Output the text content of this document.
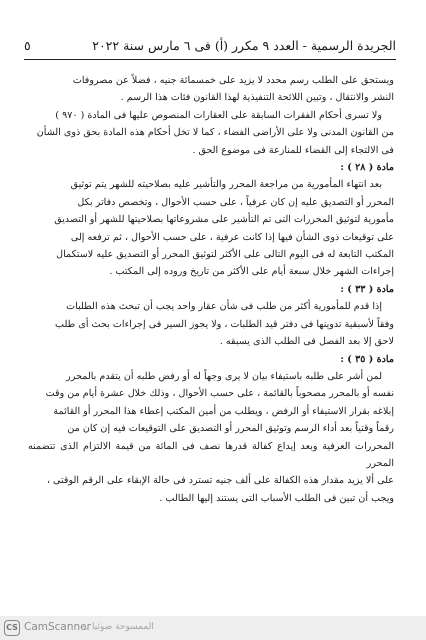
الجريدة الرسمية - العدد ٩ مكرر (أ) فى ٦ مارس سنة ٢٠٢٢
٥

ويستحق على الطلب رسم محدد لا يزيد على خمسمائة جنيه ، فضلاً عن مصروفات

النشر والانتقال ، وتبين اللائحة التنفيذية لهذا القانون فئات هذا الرسم .

ولا تسرى أحكام الفقرات السابقة على العقارات المنصوص عليها فى المادة ( ٩٧٠ )

من القانون المدنى ولا على الأراضى الفضاء ، كما لا تخل أحكام هذه المادة بحق ذوى الشأن

فى الالتجاء إلى القضاء للمنازعة فى موضوع الحق .

مادة ( ٢٨ ) :

بعد انتهاء المأمورية من مراجعة المحرر والتأشير عليه بصلاحيته للشهر يتم توثيق

المحرر أو التصديق عليه إن كان عرفياً ، على حسب الأحوال ، وتخصص دفاتر بكل

مأمورية لتوثيق المحررات التى تم التأشير على مشروعاتها بصلاحيتها للشهر أو التصديق

على توقيعات ذوى الشأن فيها إذا كانت عرفية ، على حسب الأحوال ، ثم ترفعه إلى

المكتب التابعة له فى اليوم التالى على الأكثر لتوثيق المحرر أو التصديق عليه لاستكمال

إجراءات الشهر خلال سبعة أيام على الأكثر من تاريخ وروده إلى المكتب .

مادة ( ٣٣ ) :

إذا قدم للمأمورية أكثر من طلب فى شأن عقار واحد يجب أن تبحث هذه الطلبات

وفقاً لأسبقية تدوينها فى دفتر قيد الطلبات ، ولا يجوز السير فى إجراءات بحث أى طلب

لاحق إلا بعد الفصل فى الطلب الذى يسبقه .

مادة ( ٣٥ ) :

لمن أشر على طلبه باستيفاء بيان لا يرى وجهاً له أو رفض طلبه أن يتقدم بالمحرر

نفسه أو بالمحرر مصحوباً بالقائمة ، على حسب الأحوال ، وذلك خلال عشرة أيام من وقت

إبلاغه بقرار الاستيفاء أو الرفض ، ويطلب من أمين المكتب إعطاء هذا المحرر أو القائمة

رقماً وقتياً بعد أداء الرسم وتوثيق المحرر أو التصديق على التوقيعات فيه إن كان من

المحررات العرفية وبعد إيداع كفالة قدرها نصف فى المائة من قيمة الالتزام الذى تتضمنه المحرر

على ألا يزيد مقدار هذه الكفالة على ألف جنيه تسترد فى حالة الإبقاء على الرقم الوقتى ،

ويجب أن تبين فى الطلب الأسباب التى يستند إليها الطالب .

CS CamScanner
الممسوحة ضوئيا بـ
